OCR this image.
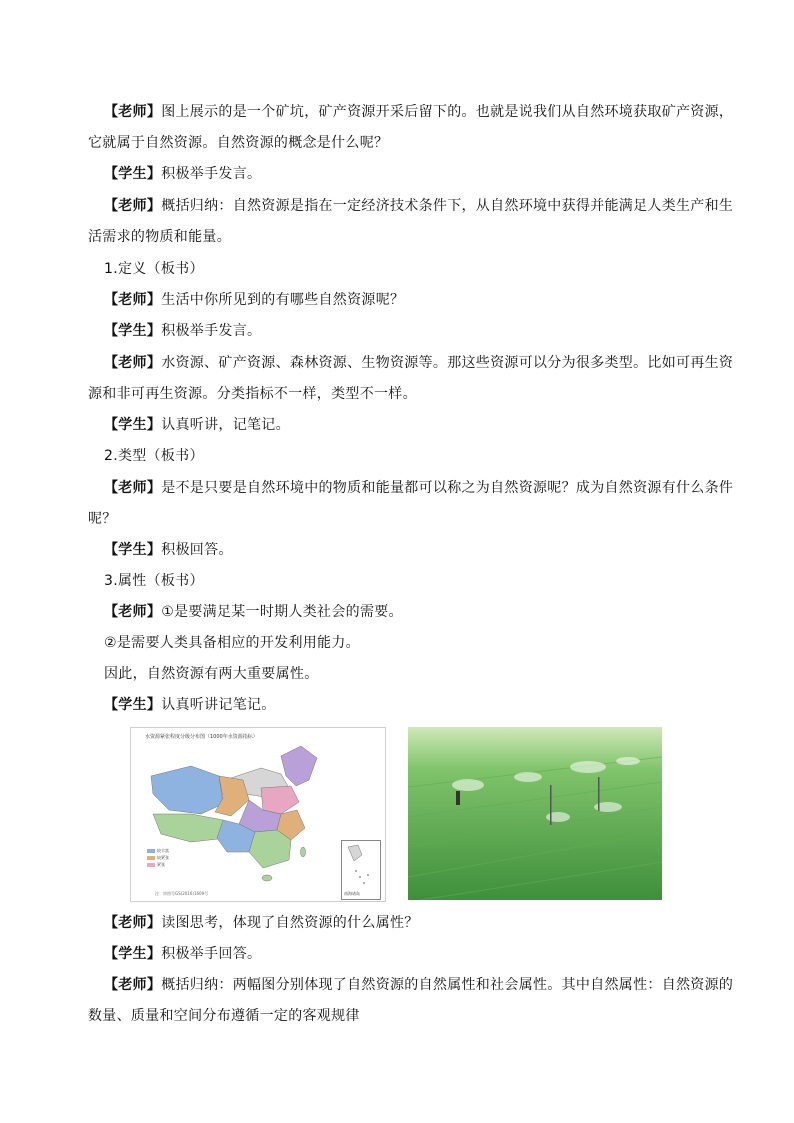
【老师】图上展示的是一个矿坑，矿产资源开采后留下的。也就是说我们从自然环境获取矿产资源，
它就属于自然资源。自然资源的概念是什么呢？
【学生】积极举手发言。
【老师】概括归纳：自然资源是指在一定经济技术条件下，从自然环境中获得并能满足人类生产和生
活需求的物质和能量。
1.定义（板书）
【老师】生活中你所见到的有哪些自然资源呢？
【学生】积极举手发言。
【老师】水资源、矿产资源、森林资源、生物资源等。那这些资源可以分为很多类型。比如可再生资
源和非可再生资源。分类指标不一样，类型不一样。
【学生】认真听讲，记笔记。
2.类型（板书）
【老师】是不是只要是自然环境中的物质和能量都可以称之为自然资源呢？成为自然资源有什么条件
呢？
【学生】积极回答。
3.属性（板书）
【老师】①是要满足某一时期人类社会的需要。
②是需要人类具备相应的开发利用能力。
因此，自然资源有两大重要属性。
【学生】认真听讲记笔记。
水资源紧张程度分级分布图（1000年水资源指标）
较丰富
较紧张
紧张
南海诸岛
注：审图号GS(2016)1609号
【老师】读图思考，体现了自然资源的什么属性？
【学生】积极举手回答。
【老师】概括归纳：两幅图分别体现了自然资源的自然属性和社会属性。其中自然属性：自然资源的
数量、质量和空间分布遵循一定的客观规律
